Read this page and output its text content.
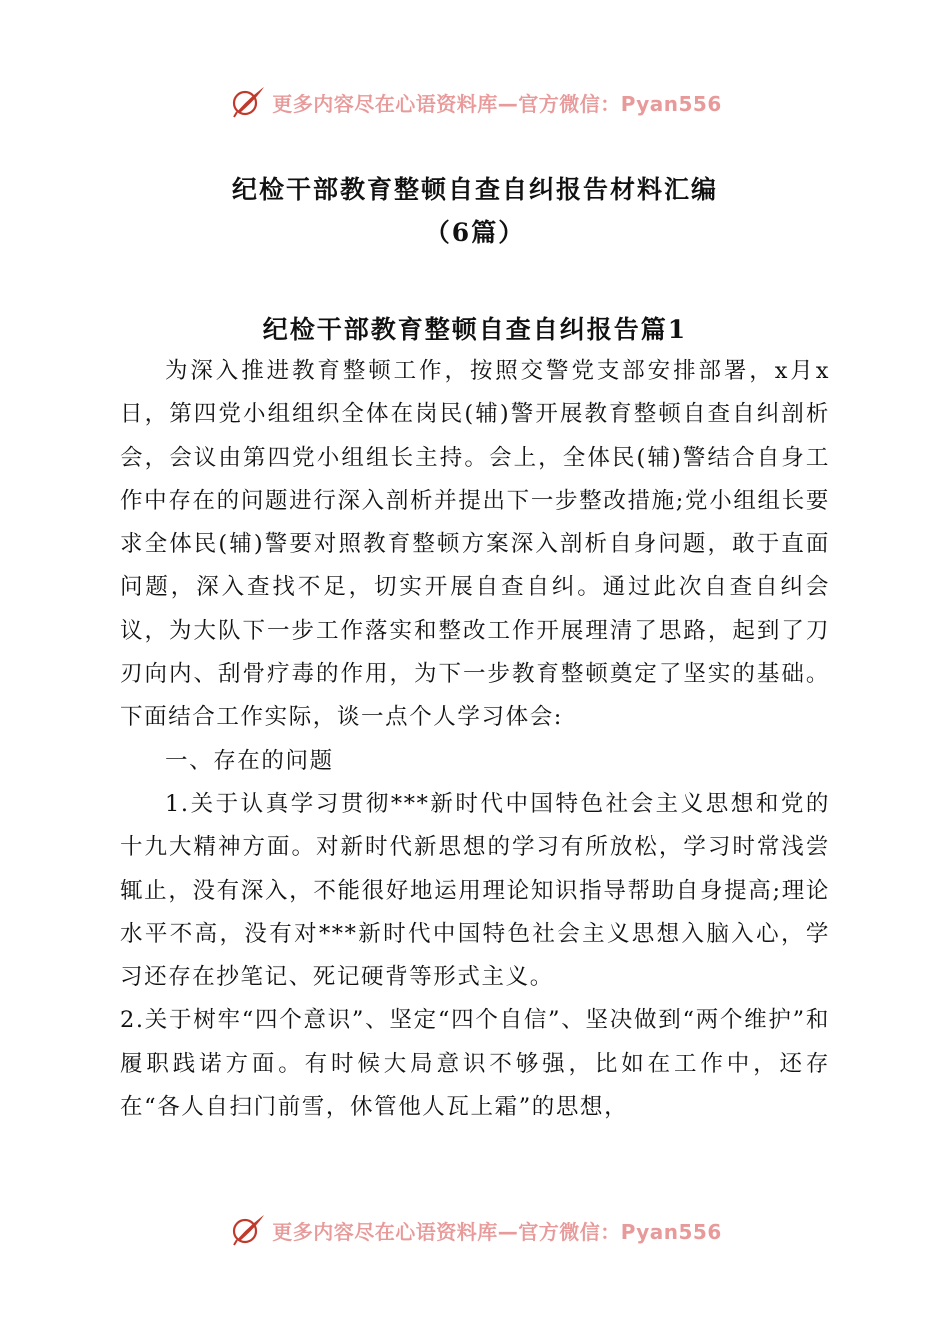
更多内容尽在心语资料库—官方微信：Pyan556
纪检干部教育整顿自查自纠报告材料汇编
（6篇）
纪检干部教育整顿自查自纠报告篇1

为深入推进教育整顿工作，按照交警党支部安排部署，x月x日，第四党小组组织全体在岗民(辅)警开展教育整顿自查自纠剖析会，会议由第四党小组组长主持。会上，全体民(辅)警结合自身工作中存在的问题进行深入剖析并提出下一步整改措施;党小组组长要求全体民(辅)警要对照教育整顿方案深入剖析自身问题，敢于直面问题，深入查找不足，切实开展自查自纠。通过此次自查自纠会议，为大队下一步工作落实和整改工作开展理清了思路，起到了刀刃向内、刮骨疗毒的作用，为下一步教育整顿奠定了坚实的基础。下面结合工作实际，谈一点个人学习体会:

一、存在的问题

1.关于认真学习贯彻***新时代中国特色社会主义思想和党的十九大精神方面。对新时代新思想的学习有所放松，学习时常浅尝辄止，没有深入，不能很好地运用理论知识指导帮助自身提高;理论水平不高，没有对***新时代中国特色社会主义思想入脑入心，学习还存在抄笔记、死记硬背等形式主义。

2.关于树牢“四个意识”、坚定“四个自信”、坚决做到“两个维护”和履职践诺方面。有时候大局意识不够强，比如在工作中，还存在“各人自扫门前雪，休管他人瓦上霜”的思想，

更多内容尽在心语资料库—官方微信：Pyan556
